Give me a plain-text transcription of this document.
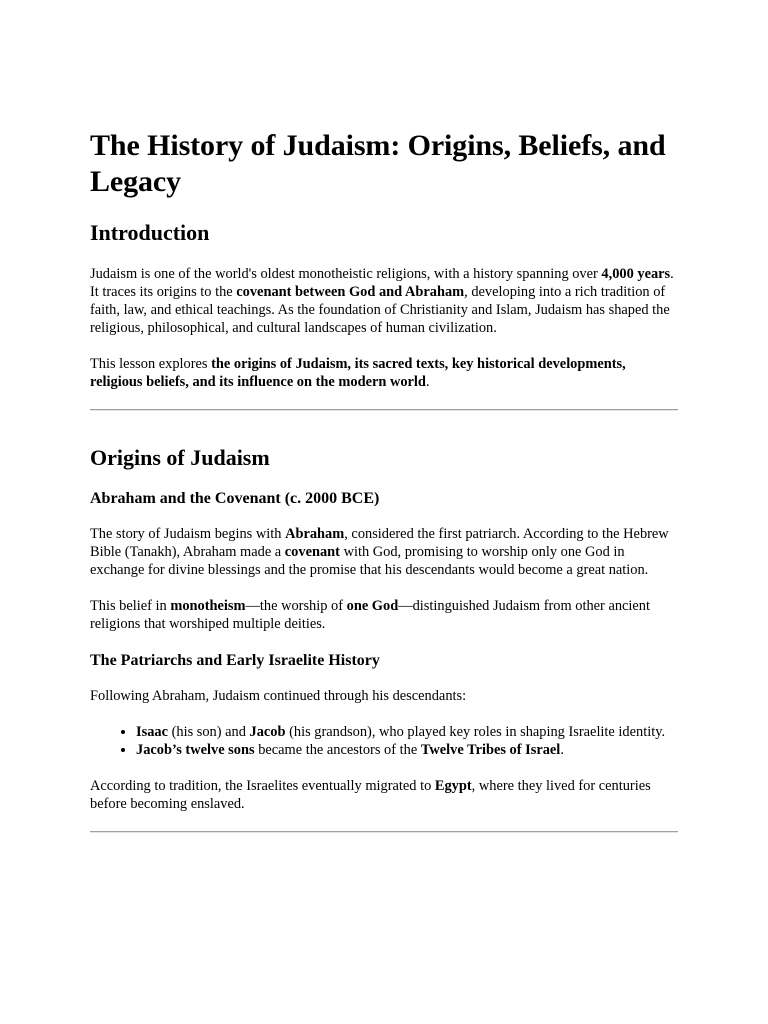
The History of Judaism: Origins, Beliefs, and Legacy
Introduction

Judaism is one of the world's oldest monotheistic religions, with a history spanning over 4,000 years. It traces its origins to the covenant between God and Abraham, developing into a rich tradition of faith, law, and ethical teachings. As the foundation of Christianity and Islam, Judaism has shaped the religious, philosophical, and cultural landscapes of human civilization.

This lesson explores the origins of Judaism, its sacred texts, key historical developments, religious beliefs, and its influence on the modern world.

Origins of Judaism
Abraham and the Covenant (c. 2000 BCE)

The story of Judaism begins with Abraham, considered the first patriarch. According to the Hebrew Bible (Tanakh), Abraham made a covenant with God, promising to worship only one God in exchange for divine blessings and the promise that his descendants would become a great nation.

This belief in monotheism—the worship of one God—distinguished Judaism from other ancient religions that worshiped multiple deities.

The Patriarchs and Early Israelite History

Following Abraham, Judaism continued through his descendants:

• Isaac (his son) and Jacob (his grandson), who played key roles in shaping Israelite identity.
• Jacob’s twelve sons became the ancestors of the Twelve Tribes of Israel.

According to tradition, the Israelites eventually migrated to Egypt, where they lived for centuries before becoming enslaved.
